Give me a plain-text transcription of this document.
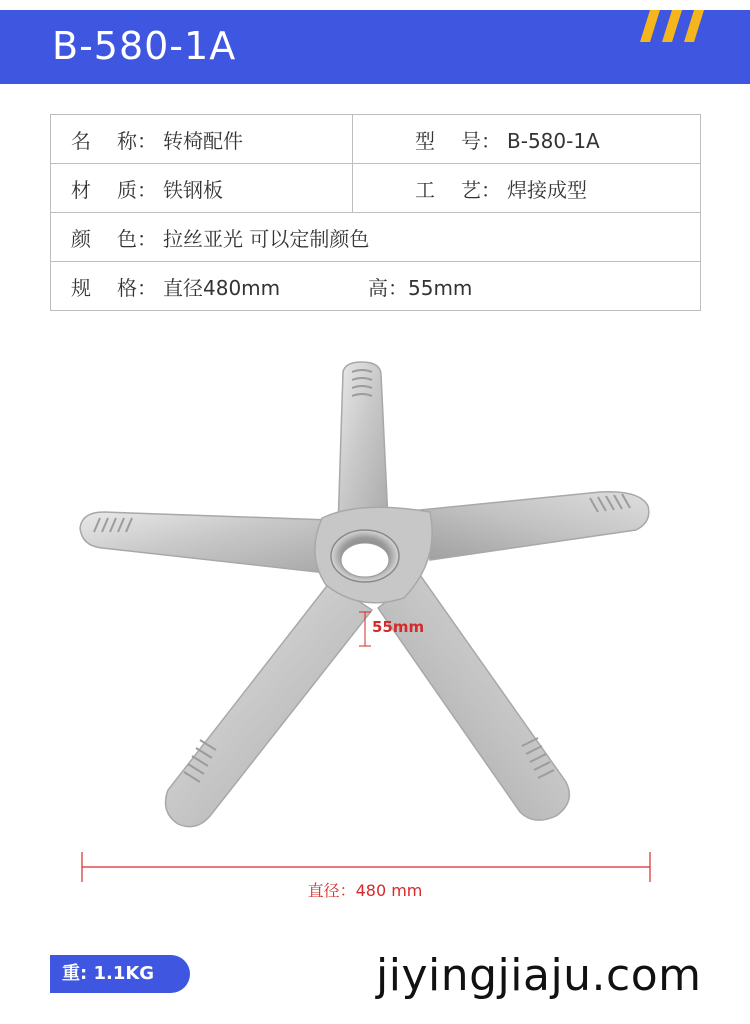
B-580-1A
名 称： 转椅配件	型 号： B-580-1A
材 质： 铁钢板	工 艺： 焊接成型
颜 色： 拉丝亚光 可以定制颜色	
规 格： 直径480mm 高：55mm	
55mm
直径：480 mm
重: 1.1KG	jiyingjiaju.com
